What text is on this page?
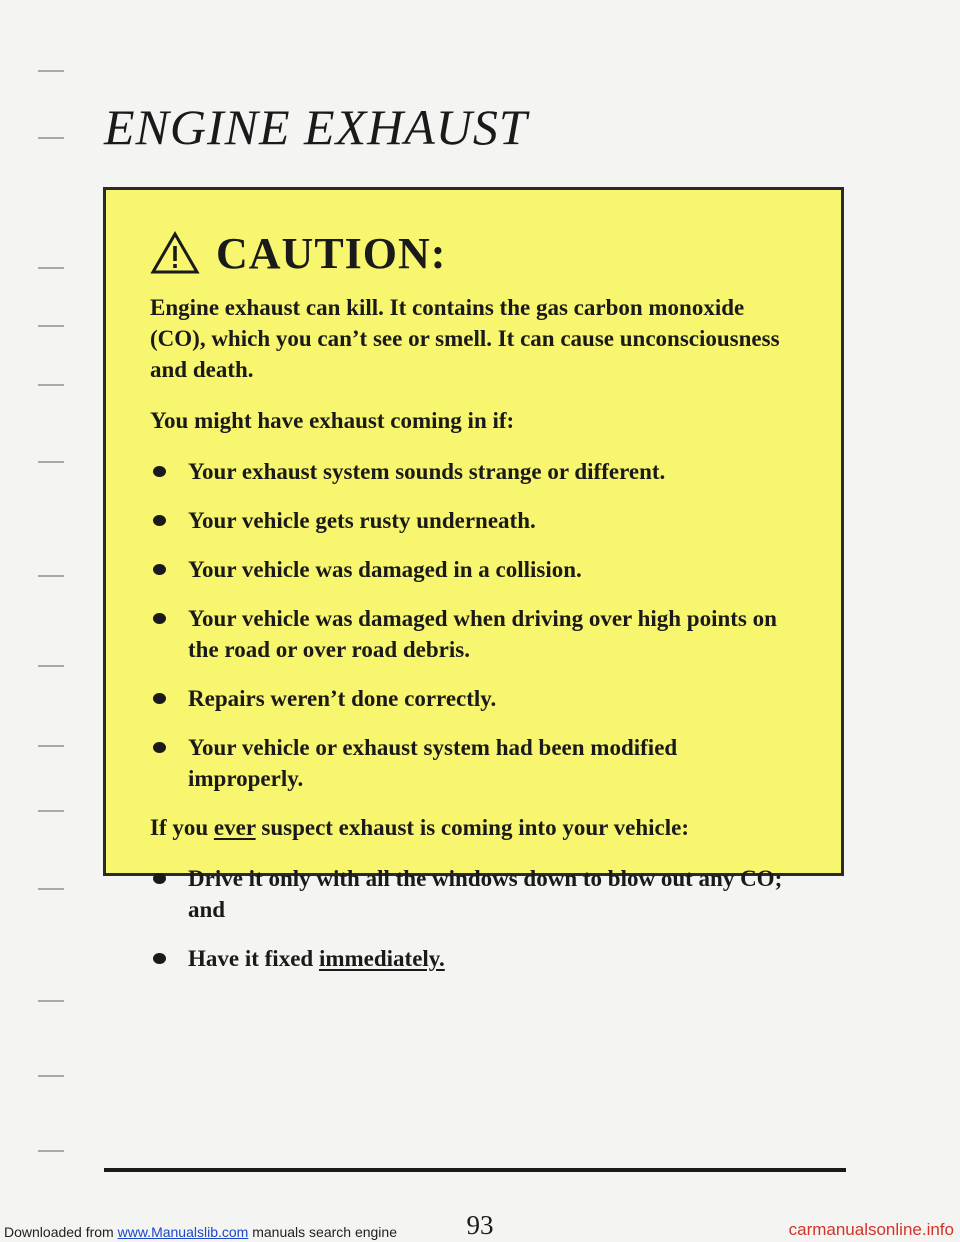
ENGINE EXHAUST
CAUTION:

Engine exhaust can kill. It contains the gas carbon monoxide (CO), which you can’t see or smell. It can cause unconsciousness and death.

You might have exhaust coming in if:

Your exhaust system sounds strange or different.
Your vehicle gets rusty underneath.
Your vehicle was damaged in a collision.
Your vehicle was damaged when driving over high points on the road or over road debris.
Repairs weren’t done correctly.
Your vehicle or exhaust system had been modified improperly.

If you ever suspect exhaust is coming into your vehicle:

Drive it only with all the windows down to blow out any CO; and
Have it fixed immediately.
93
Downloaded from www.Manualslib.com manuals search engine	carmanualsonline.info
